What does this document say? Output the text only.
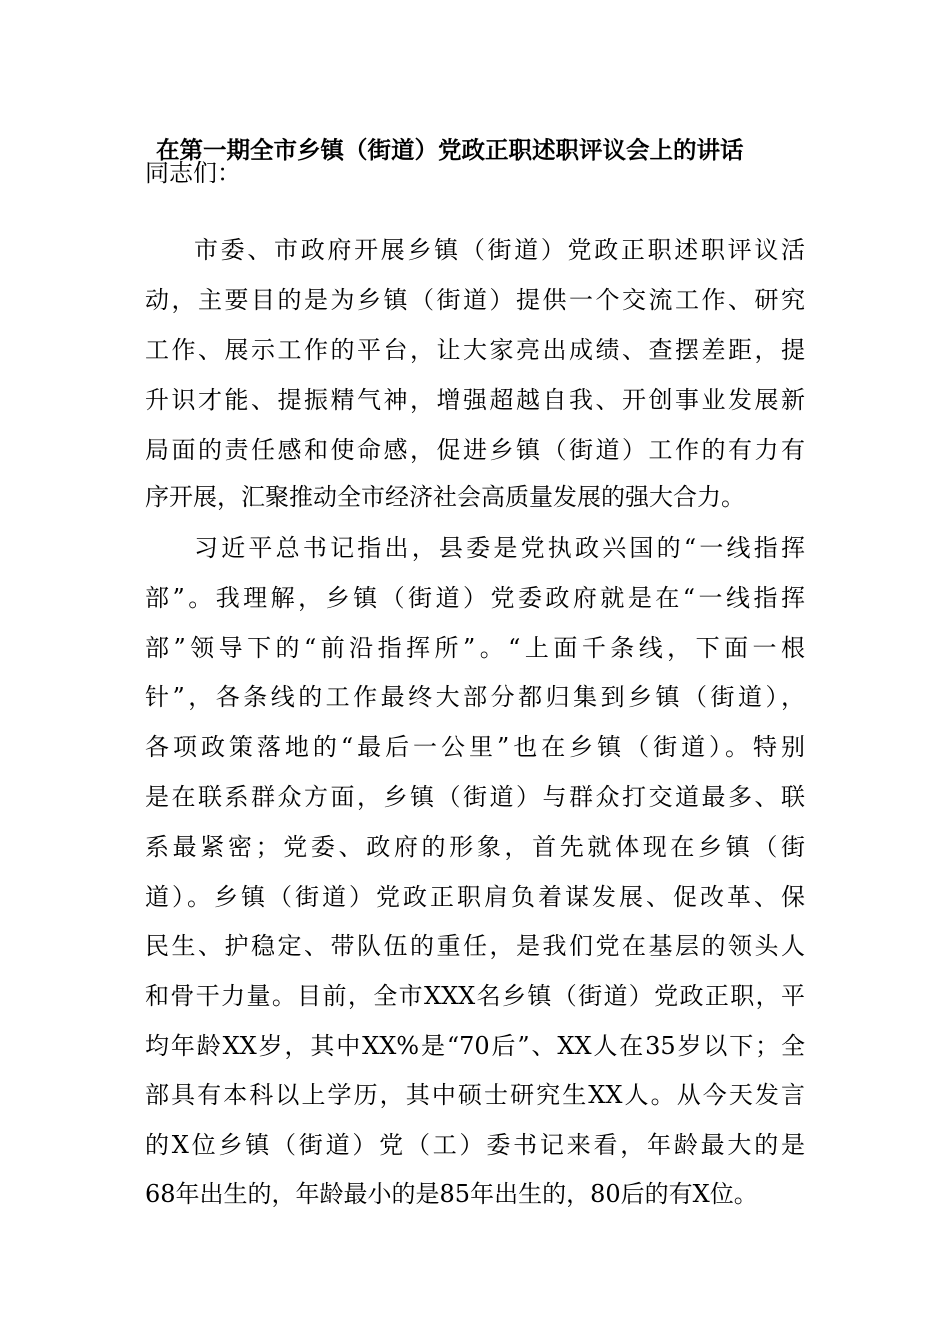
在第一期全市乡镇（街道）党政正职述职评议会上的讲话
同志们：
市委、市政府开展乡镇（街道）党政正职述职评议活
动，主要目的是为乡镇（街道）提供一个交流工作、研究
工作、展示工作的平台，让大家亮出成绩、查摆差距，提
升识才能、提振精气神，增强超越自我、开创事业发展新
局面的责任感和使命感，促进乡镇（街道）工作的有力有
序开展，汇聚推动全市经济社会高质量发展的强大合力。
习近平总书记指出，县委是党执政兴国的“一线指挥
部”。我理解，乡镇（街道）党委政府就是在“一线指挥
部”领导下的“前沿指挥所”。“上面千条线，下面一根
针”，各条线的工作最终大部分都归集到乡镇（街道），
各项政策落地的“最后一公里”也在乡镇（街道）。特别
是在联系群众方面，乡镇（街道）与群众打交道最多、联
系最紧密；党委、政府的形象，首先就体现在乡镇（街
道）。乡镇（街道）党政正职肩负着谋发展、促改革、保
民生、护稳定、带队伍的重任，是我们党在基层的领头人
和骨干力量。目前，全市XXX名乡镇（街道）党政正职，平
均年龄XX岁，其中XX%是“70后”、XX人在35岁以下；全
部具有本科以上学历，其中硕士研究生XX人。从今天发言
的X位乡镇（街道）党（工）委书记来看，年龄最大的是
68年出生的，年龄最小的是85年出生的，80后的有X位。
